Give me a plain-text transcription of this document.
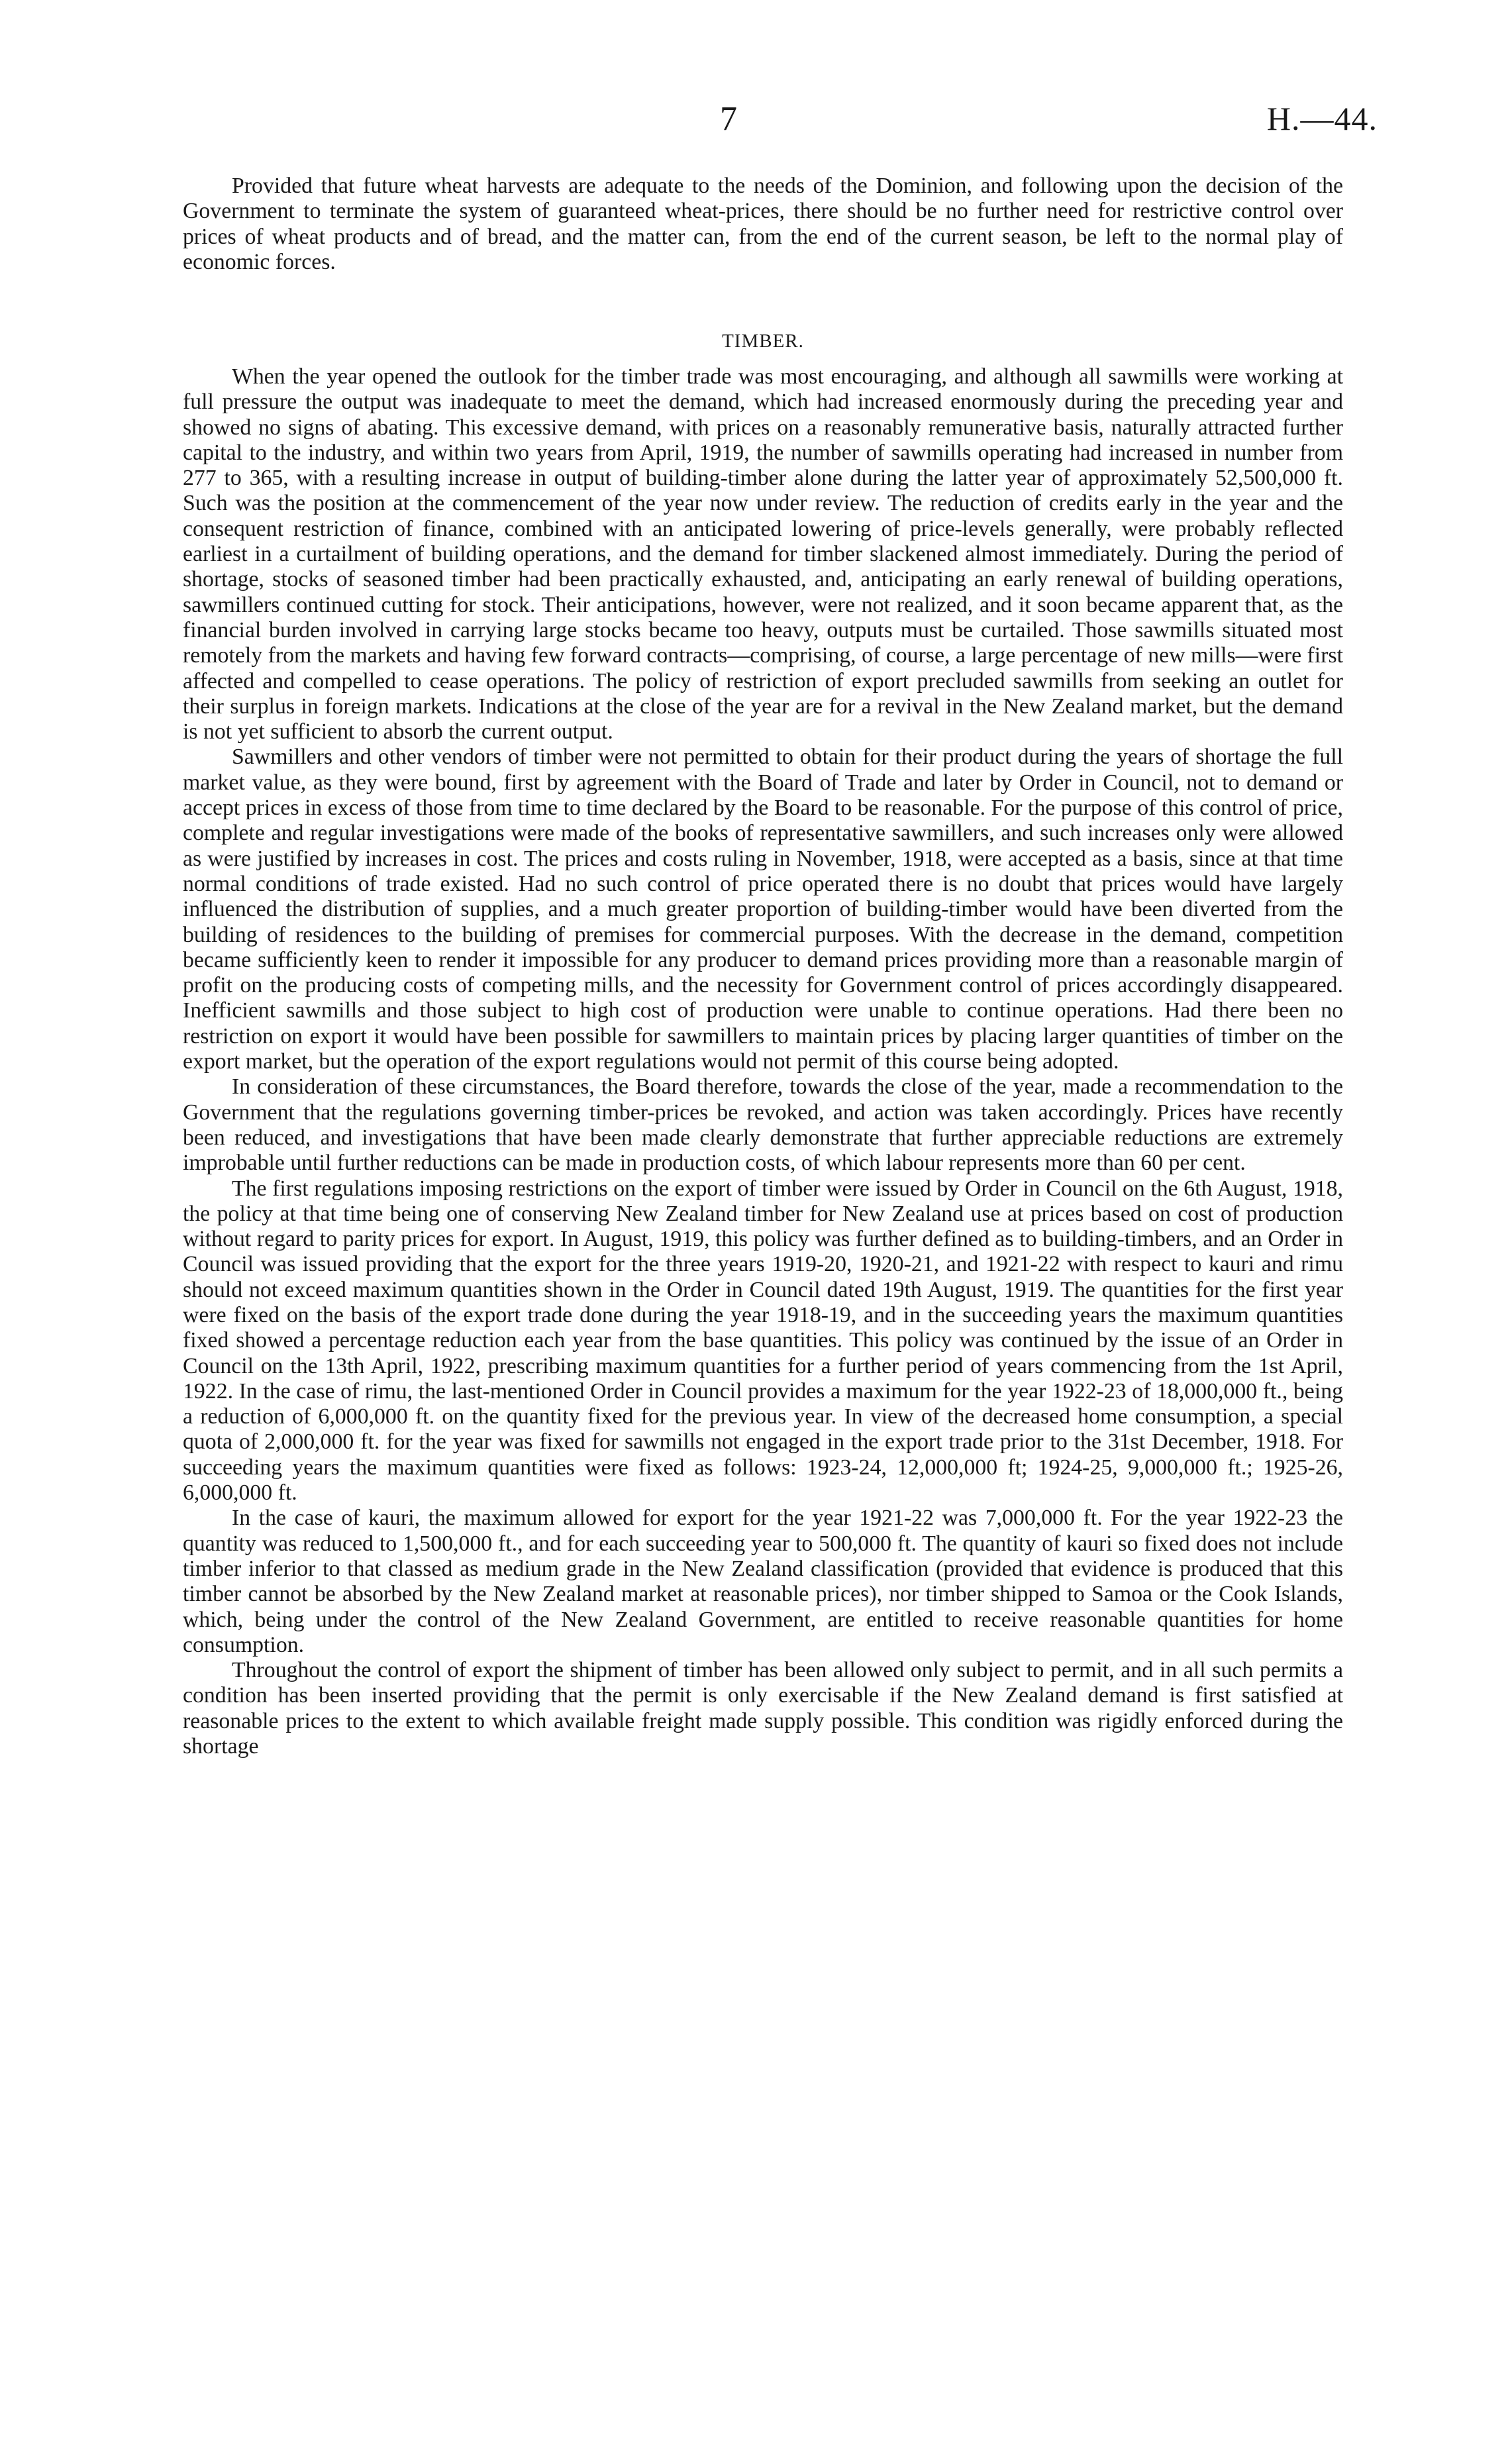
7	H.—44.

Provided that future wheat harvests are adequate to the needs of the Dominion, and following upon the decision of the Government to terminate the system of guaranteed wheat-prices, there should be no further need for restrictive control over prices of wheat products and of bread, and the matter can, from the end of the current season, be left to the normal play of economic forces.

TIMBER.

When the year opened the outlook for the timber trade was most encouraging, and although all sawmills were working at full pressure the output was inadequate to meet the demand, which had increased enormously during the preceding year and showed no signs of abating. This excessive demand, with prices on a reasonably remunerative basis, naturally attracted further capital to the industry, and within two years from April, 1919, the number of sawmills operating had increased in number from 277 to 365, with a resulting increase in output of building-timber alone during the latter year of approximately 52,500,000 ft. Such was the position at the commencement of the year now under review. The reduction of credits early in the year and the consequent restriction of finance, combined with an anticipated lowering of price-levels generally, were probably reflected earliest in a curtailment of building operations, and the demand for timber slackened almost immediately. During the period of shortage, stocks of seasoned timber had been practically exhausted, and, anticipating an early renewal of building operations, sawmillers continued cutting for stock. Their anticipations, however, were not realized, and it soon became apparent that, as the financial burden involved in carrying large stocks became too heavy, outputs must be curtailed. Those sawmills situated most remotely from the markets and having few forward contracts—comprising, of course, a large percentage of new mills—were first affected and compelled to cease operations. The policy of restriction of export precluded sawmills from seeking an outlet for their surplus in foreign markets. Indications at the close of the year are for a revival in the New Zealand market, but the demand is not yet sufficient to absorb the current output.

Sawmillers and other vendors of timber were not permitted to obtain for their product during the years of shortage the full market value, as they were bound, first by agreement with the Board of Trade and later by Order in Council, not to demand or accept prices in excess of those from time to time declared by the Board to be reasonable. For the purpose of this control of price, complete and regular investigations were made of the books of representative sawmillers, and such increases only were allowed as were justified by increases in cost. The prices and costs ruling in November, 1918, were accepted as a basis, since at that time normal conditions of trade existed. Had no such control of price operated there is no doubt that prices would have largely influenced the distribution of supplies, and a much greater proportion of building-timber would have been diverted from the building of residences to the building of premises for commercial purposes. With the decrease in the demand, competition became sufficiently keen to render it impossible for any producer to demand prices providing more than a reasonable margin of profit on the producing costs of competing mills, and the necessity for Government control of prices accordingly disappeared. Inefficient sawmills and those subject to high cost of production were unable to continue operations. Had there been no restriction on export it would have been possible for sawmillers to maintain prices by placing larger quantities of timber on the export market, but the operation of the export regulations would not permit of this course being adopted.

In consideration of these circumstances, the Board therefore, towards the close of the year, made a recommendation to the Government that the regulations governing timber-prices be revoked, and action was taken accordingly. Prices have recently been reduced, and investigations that have been made clearly demonstrate that further appreciable reductions are extremely improbable until further reductions can be made in production costs, of which labour represents more than 60 per cent.

The first regulations imposing restrictions on the export of timber were issued by Order in Council on the 6th August, 1918, the policy at that time being one of conserving New Zealand timber for New Zealand use at prices based on cost of production without regard to parity prices for export. In August, 1919, this policy was further defined as to building-timbers, and an Order in Council was issued providing that the export for the three years 1919-20, 1920-21, and 1921-22 with respect to kauri and rimu should not exceed maximum quantities shown in the Order in Council dated 19th August, 1919. The quantities for the first year were fixed on the basis of the export trade done during the year 1918-19, and in the succeeding years the maximum quantities fixed showed a percentage reduction each year from the base quantities. This policy was continued by the issue of an Order in Council on the 13th April, 1922, prescribing maximum quantities for a further period of years commencing from the 1st April, 1922. In the case of rimu, the last-mentioned Order in Council provides a maximum for the year 1922-23 of 18,000,000 ft., being a reduction of 6,000,000 ft. on the quantity fixed for the previous year. In view of the decreased home consumption, a special quota of 2,000,000 ft. for the year was fixed for sawmills not engaged in the export trade prior to the 31st December, 1918. For succeeding years the maximum quantities were fixed as follows: 1923-24, 12,000,000 ft; 1924-25, 9,000,000 ft.; 1925-26, 6,000,000 ft.

In the case of kauri, the maximum allowed for export for the year 1921-22 was 7,000,000 ft. For the year 1922-23 the quantity was reduced to 1,500,000 ft., and for each succeeding year to 500,000 ft. The quantity of kauri so fixed does not include timber inferior to that classed as medium grade in the New Zealand classification (provided that evidence is produced that this timber cannot be absorbed by the New Zealand market at reasonable prices), nor timber shipped to Samoa or the Cook Islands, which, being under the control of the New Zealand Government, are entitled to receive reasonable quantities for home consumption.

Throughout the control of export the shipment of timber has been allowed only subject to permit, and in all such permits a condition has been inserted providing that the permit is only exercisable if the New Zealand demand is first satisfied at reasonable prices to the extent to which available freight made supply possible. This condition was rigidly enforced during the shortage
